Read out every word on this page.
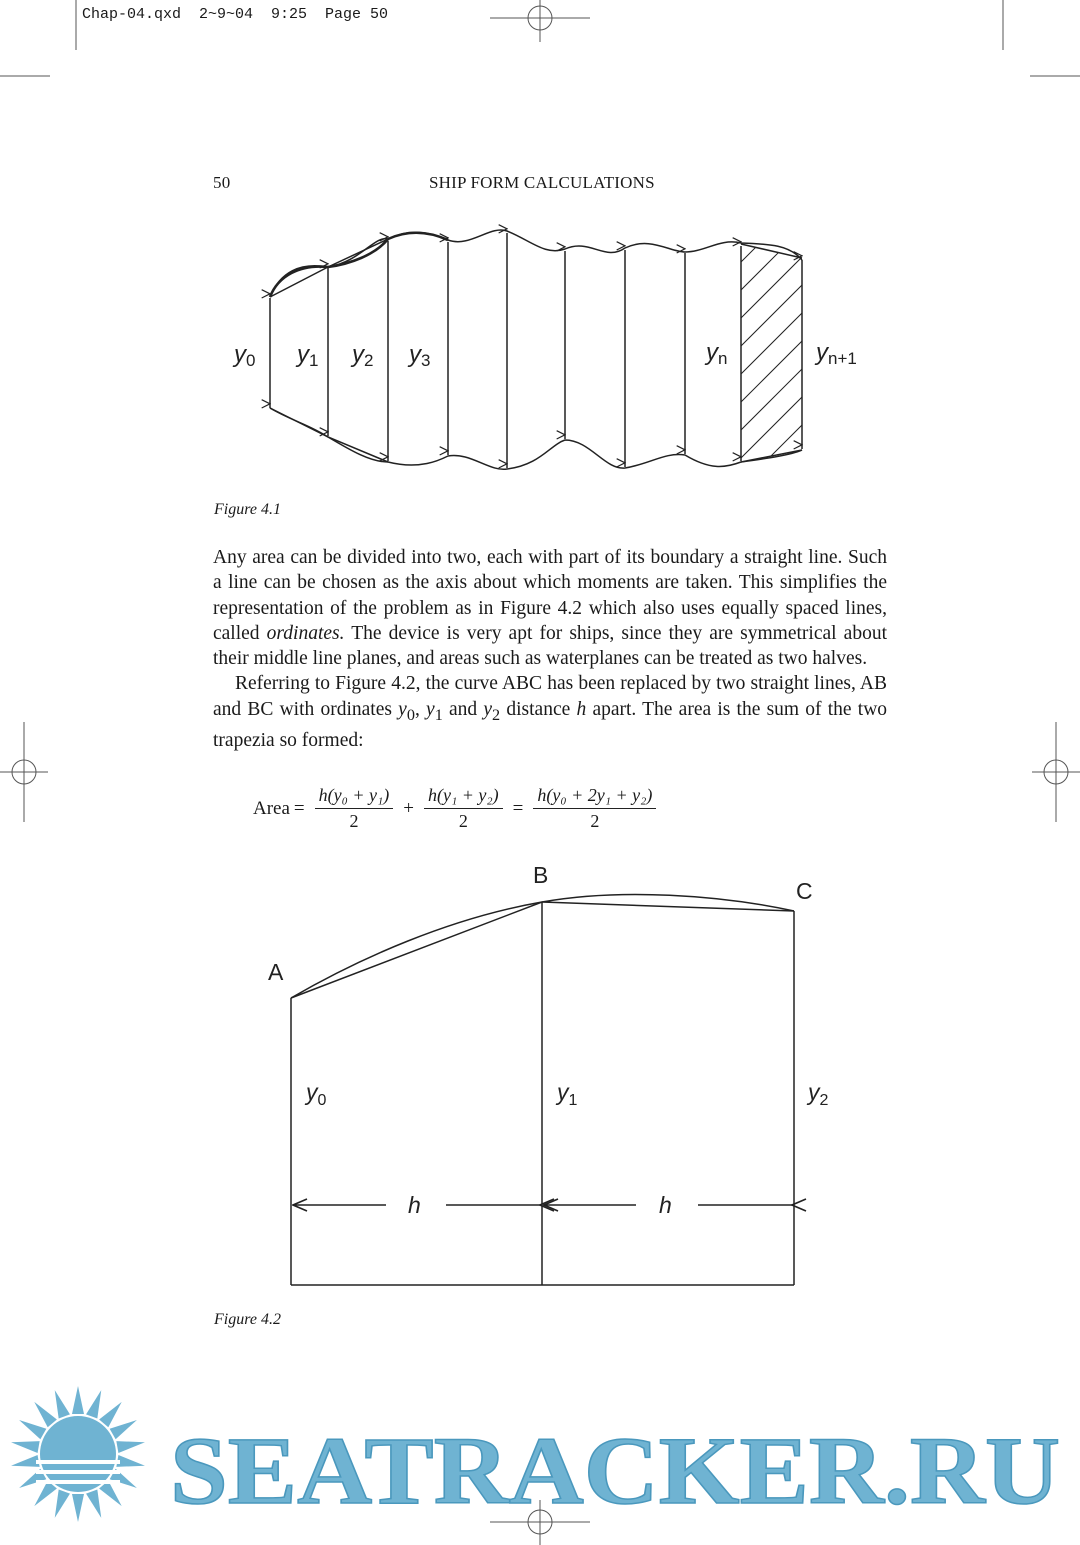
Chap-04.qxd  2~9~04  9:25  Page 50
50	SHIP FORM CALCULATIONS
y0 y1 y2 y3	yn	yn+1
Figure 4.1

Any area can be divided into two, each with part of its boundary a straight line. Such a line can be chosen as the axis about which moments are taken. This simplifies the representation of the problem as in Figure 4.2 which also uses equally spaced lines, called ordinates. The device is very apt for ships, since they are symmetrical about their middle line planes, and areas such as waterplanes can be treated as two halves.

Referring to Figure 4.2, the curve ABC has been replaced by two straight lines, AB and BC with ordinates $y_0$, $y_1$ and $y_2$ distance h apart. The area is the sum of the two trapezia so formed:

Area = $\frac{\text{h(y₀ + y₁)}}{2} + \frac{\text{h(y₁ + y₂)}}{2} = \frac{\text{h(y₀ + 2y₁ + y₂)}}{2}$
A
B
C
$y_0$	$y_1$	$y_2$
h	h
Figure 4.2
SEATRACKER.RU
